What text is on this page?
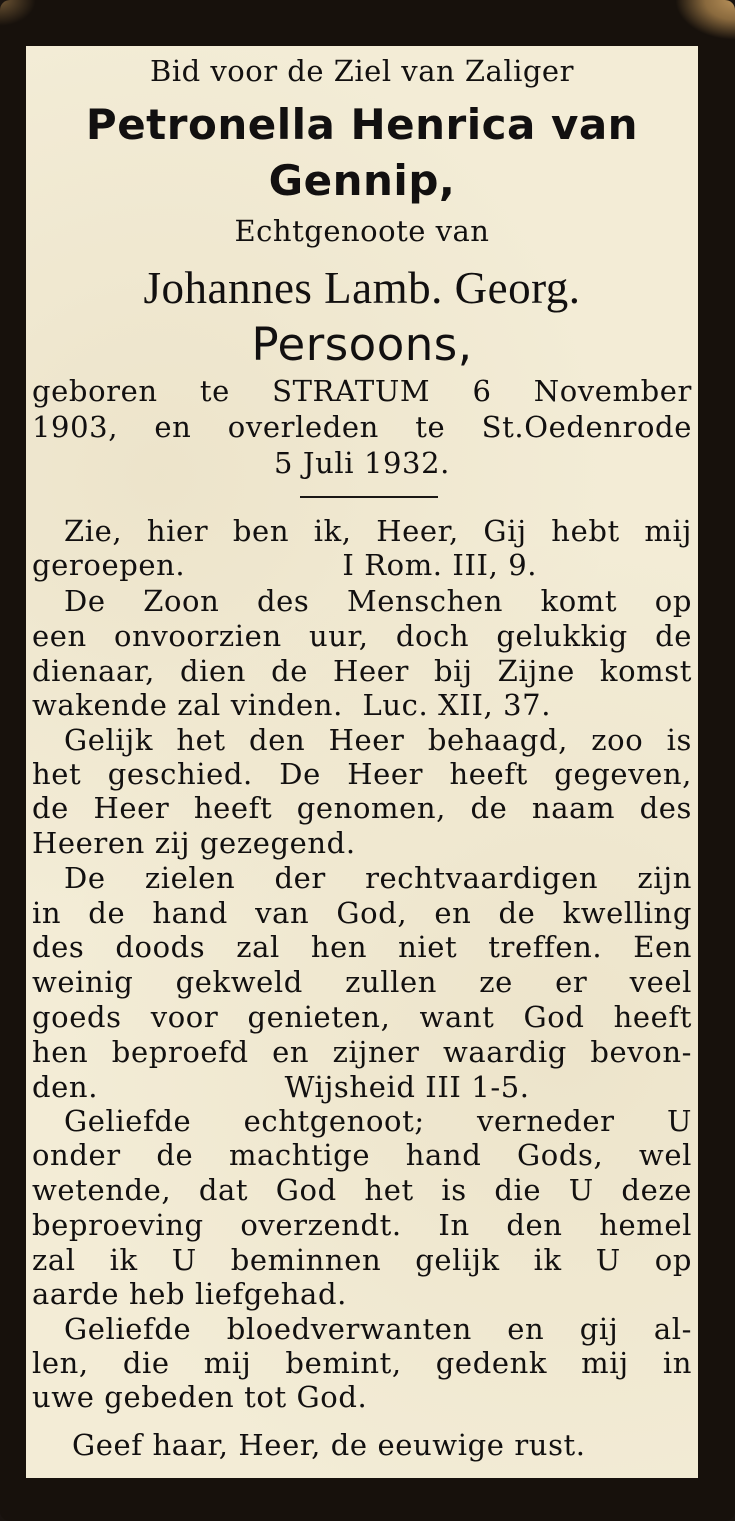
Bid voor de Ziel van Zaliger
Petronella Henrica van
Gennip,
Echtgenoote van
Johannes Lamb. Georg.
Persoons,
geboren te STRATUM 6 November
1903, en overleden te St.Oedenrode
5 Juli 1932.
Zie, hier ben ik, Heer, Gij hebt mij
geroepen.                I Rom. III, 9.
De Zoon des Menschen komt op
een onvoorzien uur, doch gelukkig de
dienaar, dien de Heer bij Zijne komst
wakende zal vinden.  Luc. XII, 37.
Gelijk het den Heer behaagd, zoo is
het geschied. De Heer heeft gegeven,
de Heer heeft genomen, de naam des
Heeren zij gezegend.
De zielen der rechtvaardigen zijn
in de hand van God, en de kwelling
des doods zal hen niet treffen. Een
weinig gekweld zullen ze er veel
goeds voor genieten, want God heeft
hen beproefd en zijner waardig bevon-
den.                   Wijsheid III 1-5.
Geliefde echtgenoot; verneder U
onder de machtige hand Gods, wel
wetende, dat God het is die U deze
beproeving overzendt. In den hemel
zal ik U beminnen gelijk ik U op
aarde heb liefgehad.
Geliefde bloedverwanten en gij al-
len, die mij bemint, gedenk mij in
uwe gebeden tot God.
Geef haar, Heer, de eeuwige rust.
